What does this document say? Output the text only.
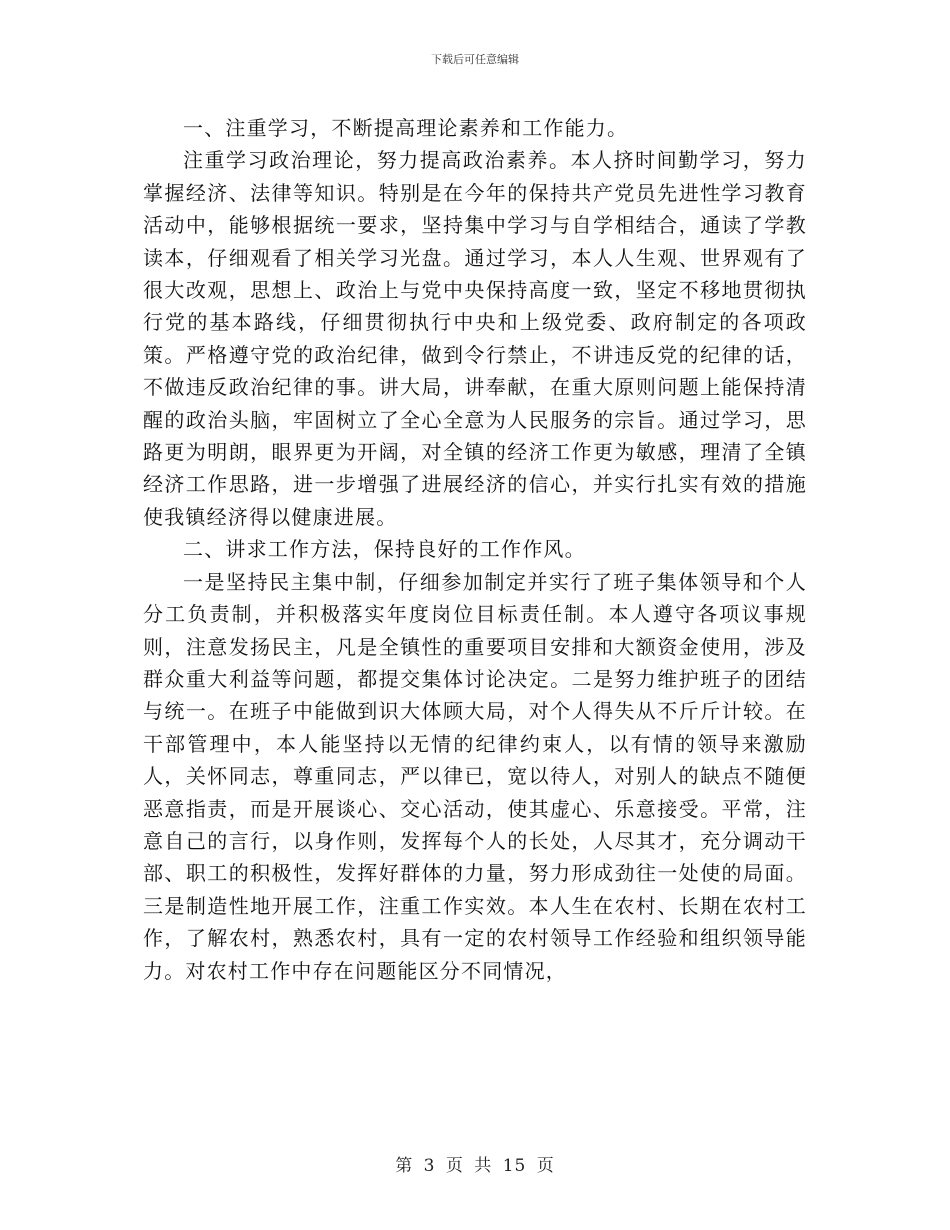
下载后可任意编辑

一、注重学习，不断提高理论素养和工作能力。

注重学习政治理论，努力提高政治素养。本人挤时间勤学习，努力掌握经济、法律等知识。特别是在今年的保持共产党员先进性学习教育活动中，能够根据统一要求，坚持集中学习与自学相结合，通读了学教读本，仔细观看了相关学习光盘。通过学习，本人人生观、世界观有了很大改观，思想上、政治上与党中央保持高度一致，坚定不移地贯彻执行党的基本路线，仔细贯彻执行中央和上级党委、政府制定的各项政策。严格遵守党的政治纪律，做到令行禁止，不讲违反党的纪律的话，不做违反政治纪律的事。讲大局，讲奉献，在重大原则问题上能保持清醒的政治头脑，牢固树立了全心全意为人民服务的宗旨。通过学习，思路更为明朗，眼界更为开阔，对全镇的经济工作更为敏感，理清了全镇经济工作思路，进一步增强了进展经济的信心，并实行扎实有效的措施使我镇经济得以健康进展。

二、讲求工作方法，保持良好的工作作风。

一是坚持民主集中制，仔细参加制定并实行了班子集体领导和个人分工负责制，并积极落实年度岗位目标责任制。本人遵守各项议事规则，注意发扬民主，凡是全镇性的重要项目安排和大额资金使用，涉及群众重大利益等问题，都提交集体讨论决定。二是努力维护班子的团结与统一。在班子中能做到识大体顾大局，对个人得失从不斤斤计较。在干部管理中，本人能坚持以无情的纪律约束人，以有情的领导来激励人，关怀同志，尊重同志，严以律已，宽以待人，对别人的缺点不随便恶意指责，而是开展谈心、交心活动，使其虚心、乐意接受。平常，注意自己的言行，以身作则，发挥每个人的长处，人尽其才，充分调动干部、职工的积极性，发挥好群体的力量，努力形成劲往一处使的局面。三是制造性地开展工作，注重工作实效。本人生在农村、长期在农村工作，了解农村，熟悉农村，具有一定的农村领导工作经验和组织领导能力。对农村工作中存在问题能区分不同情况，

第 3 页 共 15 页
